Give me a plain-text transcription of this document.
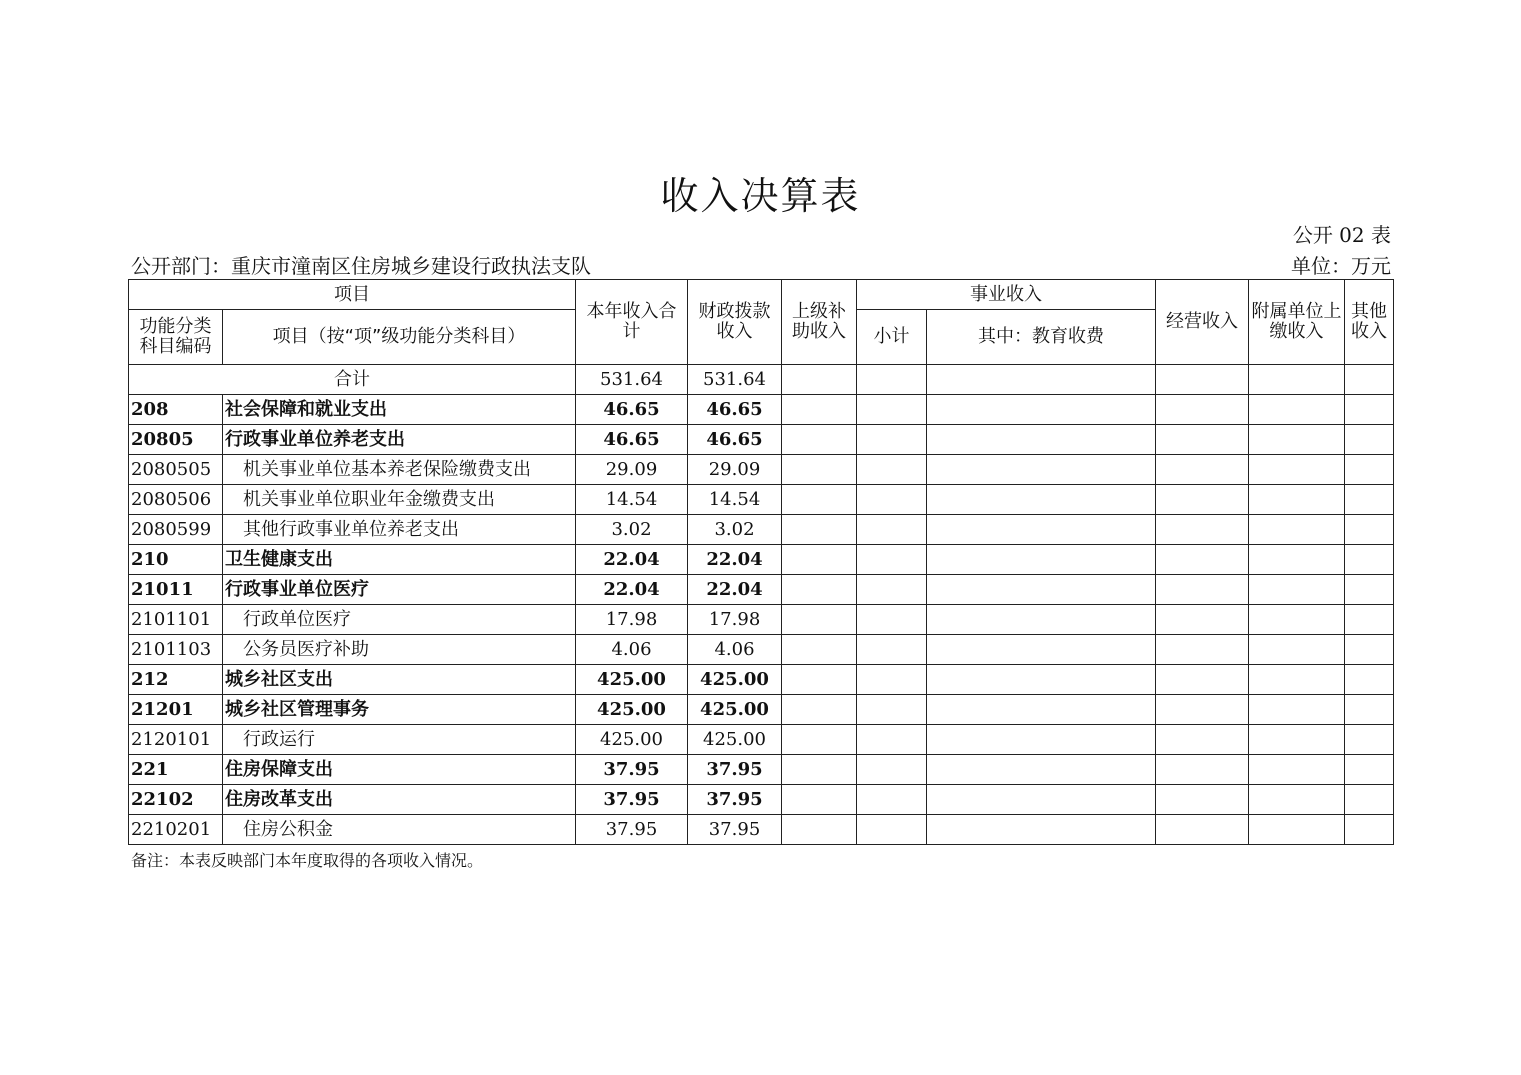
收入决算表
公开 02 表
公开部门：重庆市潼南区住房城乡建设行政执法支队	单位：万元
项目		本年收入合计	财政拨款收入	上级补助收入	事业收入		经营收入	附属单位上缴收入	其他收入
功能分类科目编码	项目（按“项”级功能分类科目）				小计	其中：教育收费			
合计		531.64	531.64						
208	社会保障和就业支出	46.65	46.65						
20805	行政事业单位养老支出	46.65	46.65						
2080505	机关事业单位基本养老保险缴费支出	29.09	29.09						
2080506	机关事业单位职业年金缴费支出	14.54	14.54						
2080599	其他行政事业单位养老支出	3.02	3.02						
210	卫生健康支出	22.04	22.04						
21011	行政事业单位医疗	22.04	22.04						
2101101	行政单位医疗	17.98	17.98						
2101103	公务员医疗补助	4.06	4.06						
212	城乡社区支出	425.00	425.00						
21201	城乡社区管理事务	425.00	425.00						
2120101	行政运行	425.00	425.00						
221	住房保障支出	37.95	37.95						
22102	住房改革支出	37.95	37.95						
2210201	住房公积金	37.95	37.95						
备注：本表反映部门本年度取得的各项收入情况。
